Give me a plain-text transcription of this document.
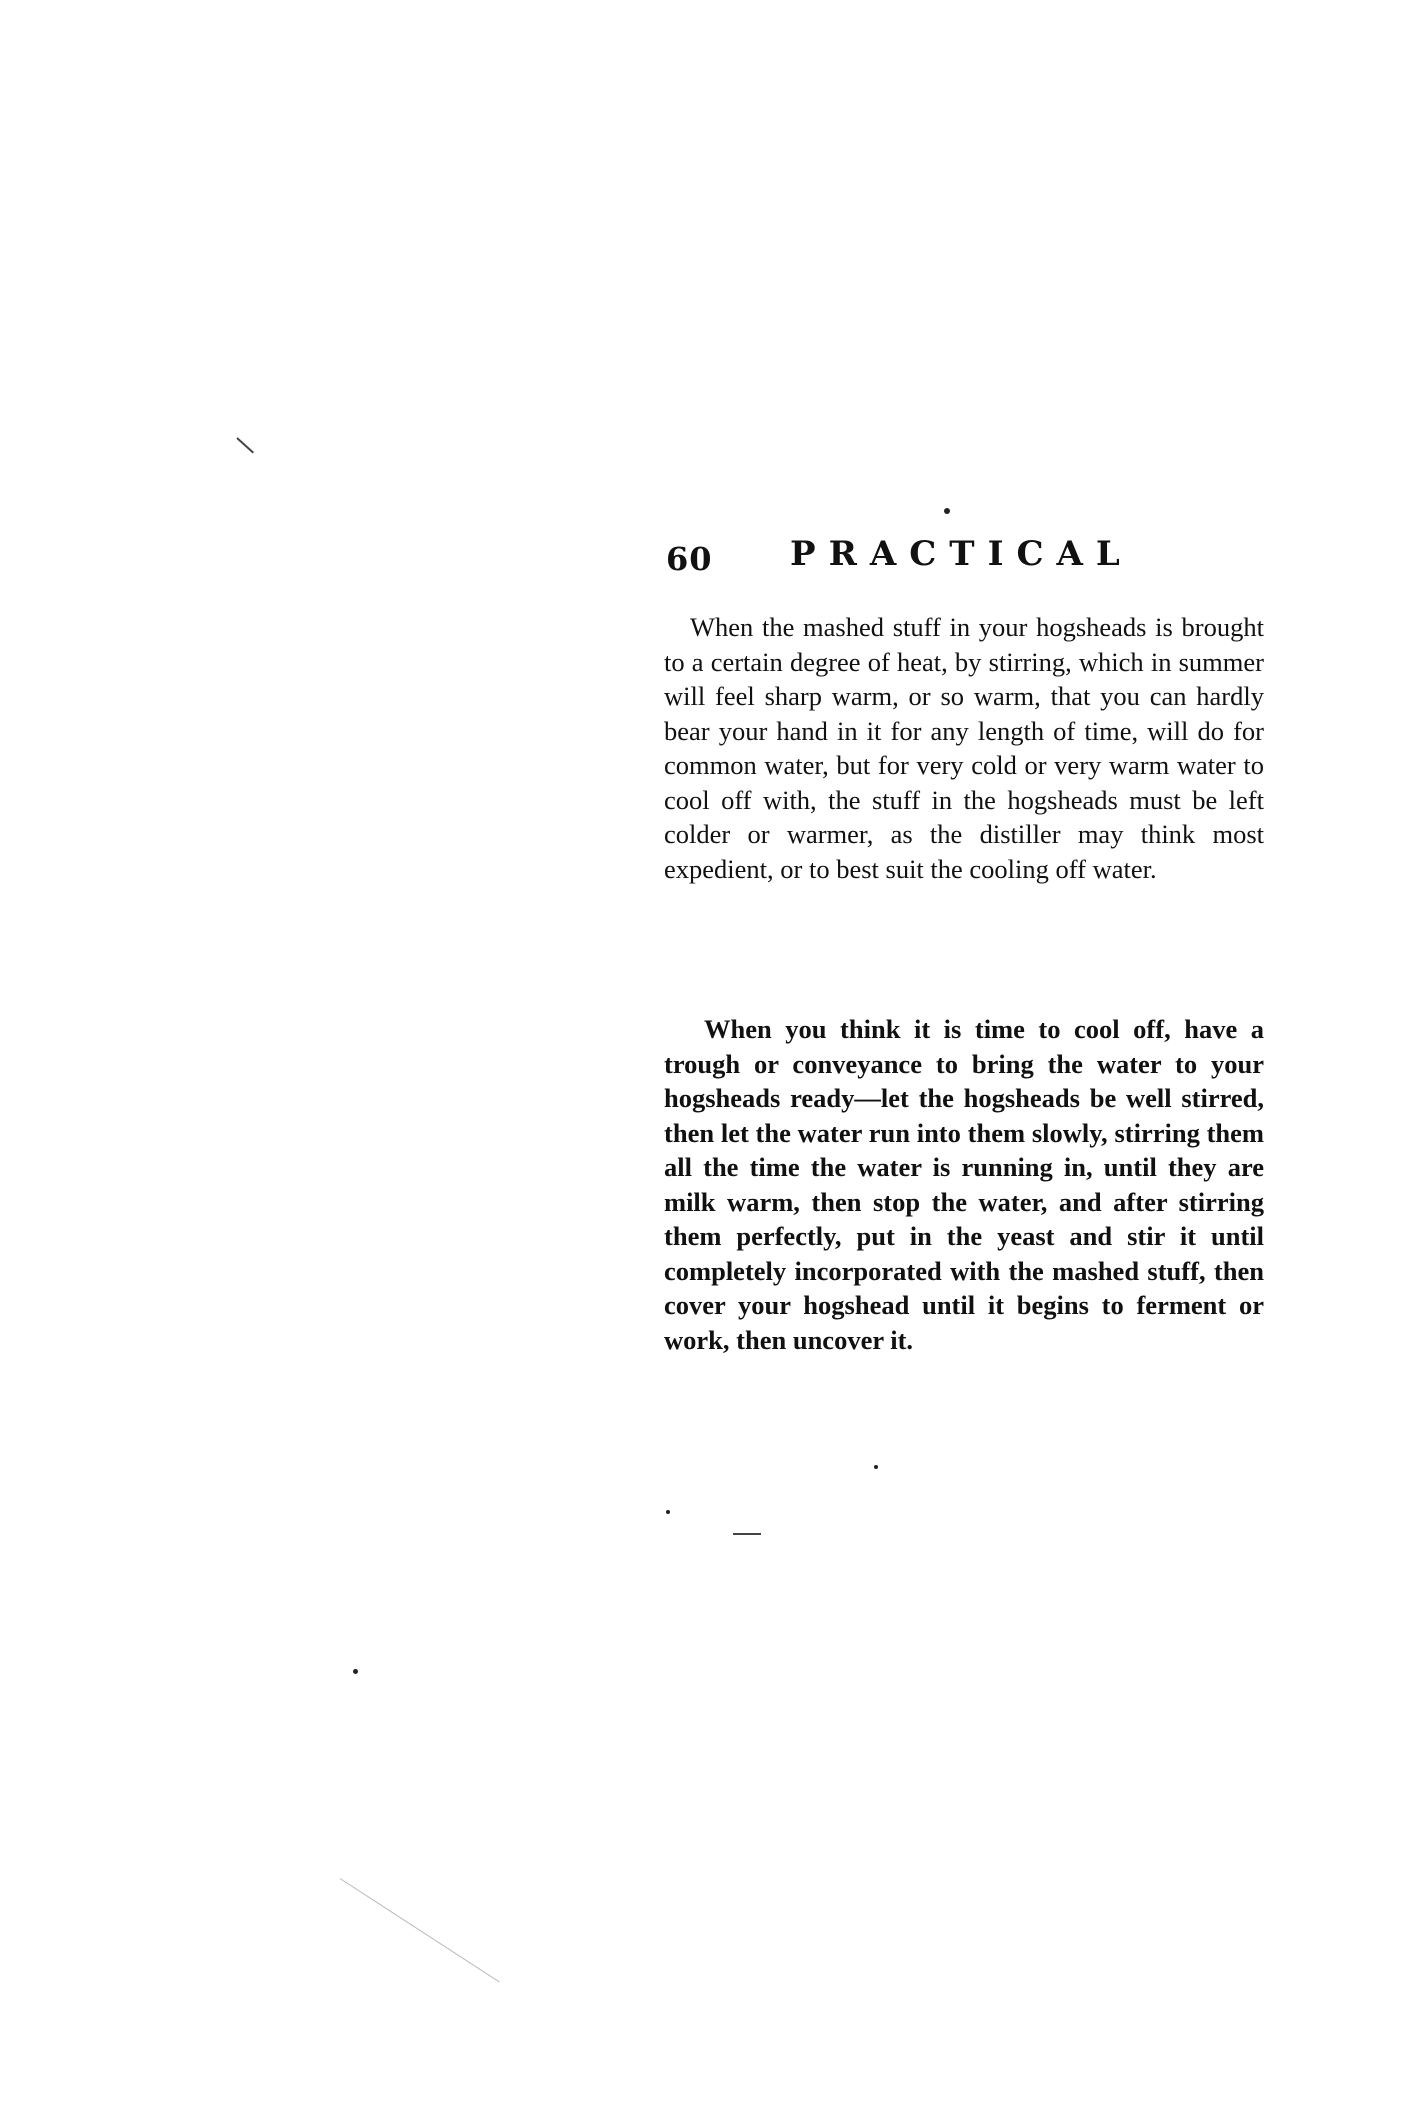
60 PRACTICAL

When the mashed stuff in your hogsheads is brought to a certain degree of heat, by stirring, which in summer will feel sharp warm, or so warm, that you can hardly bear your hand in it for any length of time, will do for common water, but for very cold or very warm water to cool off with, the stuff in the hogsheads must be left colder or warmer, as the distiller may think most expedient, or to best suit the cooling off water.

When you think it is time to cool off, have a trough or conveyance to bring the water to your hogsheads ready—let the hogsheads be well stirred, then let the water run into them slowly, stirring them all the time the water is running in, until they are milk warm, then stop the water, and after stirring them perfectly, put in the yeast and stir it until completely incorporated with the mashed stuff, then cover your hogshead until it begins to ferment or work, then uncover it.
